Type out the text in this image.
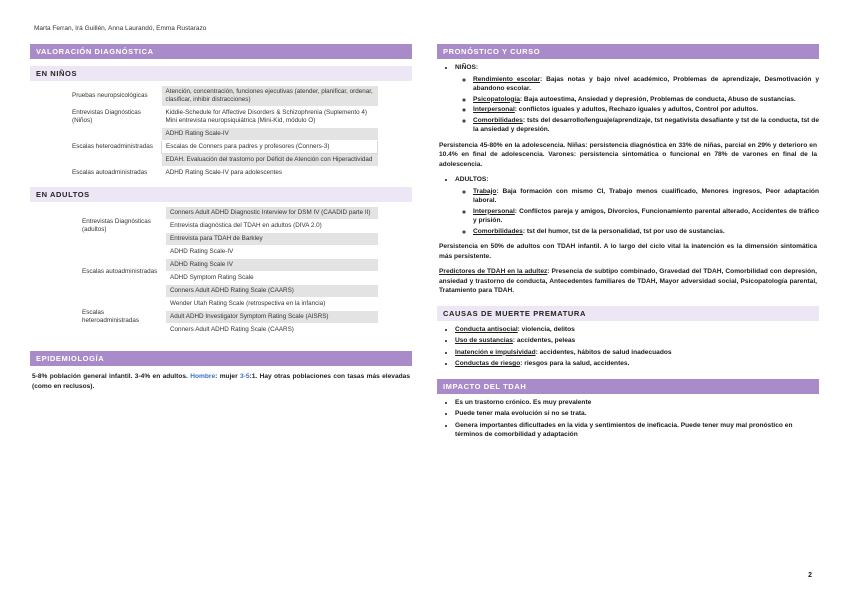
Marta Ferran, Irá Guillén, Anna Laurandó, Emma Rustarazo
VALORACIÓN DIAGNÓSTICA
EN NIÑOS
Pruebas neuropsicológicas	Atención, concentración, funciones ejecutivas (atender, planificar, ordenar, clasificar, inhibir distracciones)
Entrevistas Diagnósticas (Niños)	Kiddie-Schedule for Affective Disorders & Schizophrenia (Suplemento 4)
Mini entrevista neuropsiquiátrica (Mini-Kid, módulo O)

Escalas heteroadministradas	ADHD Rating Scale-IV
	Escalas de Conners para padres y profesores (Conners-3)
	EDAH. Evaluación del trastorno por Déficit de Atención con Hiperactividad
Escalas autoadministradas	ADHD Rating Scale-IV para adolescentes
EN ADULTOS
Entrevistas Diagnósticas (adultos)	Conners Adult ADHD Diagnostic Interview for DSM IV (CAADID parte II)
	Entrevista diagnóstica del TDAH en adultos (DIVA 2.0)
	Entrevista para TDAH de Barkley
Escalas autoadministradas	ADHD Rating Scale-IV
	ADHD Rating Scale IV
	ADHD Symptom Rating Scale
	Conners Adult ADHD Rating Scale (CAARS)
Escalas heteroadministradas	Wender Utah Rating Scale (retrospectiva en la infancia)
	Adult ADHD Investigator Symptom Rating Scale (AISRS)
	Conners Adult ADHD Rating Scale (CAARS)
EPIDEMIOLOGÍA

5-8% población general infantil. 3-4% en adultos. Hombre: mujer 3-5:1. Hay otras poblaciones con tasas más elevadas (como en reclusos).

PRONÓSTICO Y CURSO
• NIÑOS:
◦ Rendimiento escolar: Bajas notas y bajo nivel académico, Problemas de aprendizaje, Desmotivación y abandono escolar.
◦ Psicopatología: Baja autoestima, Ansiedad y depresión, Problemas de conducta, Abuso de sustancias.
◦ Interpersonal: conflictos iguales y adultos, Rechazo iguales y adultos, Control por adultos.
◦ Comorbilidades: tsts del desarrollo/lenguaje/aprendizaje, tst negativista desafiante y tst de la conducta, tst de la ansiedad y depresión.

Persistencia 45-80% en la adolescencia. Niñas: persistencia diagnóstica en 33% de niñas, parcial en 29% y deterioro en 10.4% en final de adolescencia. Varones: persistencia sintomática o funcional en 78% de varones en final de la adolescencia.

• ADULTOS:
◦ Trabajo: Baja formación con mismo CI, Trabajo menos cualificado, Menores ingresos, Peor adaptación laboral.
◦ Interpersonal: Conflictos pareja y amigos, Divorcios, Funcionamiento parental alterado, Accidentes de tráfico y prisión.
◦ Comorbilidades: tst del humor, tst de la personalidad, tst por uso de sustancias.

Persistencia en 50% de adultos con TDAH infantil. A lo largo del ciclo vital la inatención es la dimensión sintomática más persistente.

Predictores de TDAH en la adultez: Presencia de subtipo combinado, Gravedad del TDAH, Comorbilidad con depresión, ansiedad y trastorno de conducta, Antecedentes familiares de TDAH, Mayor adversidad social, Psicopatología parental, Tratamiento para TDAH.

CAUSAS DE MUERTE PREMATURA
• Conducta antisocial: violencia, delitos
• Uso de sustancias: accidentes, peleas
• Inatención e impulsividad: accidentes, hábitos de salud inadecuados
• Conductas de riesgo: riesgos para la salud, accidentes.
IMPACTO DEL TDAH
• Es un trastorno crónico. Es muy prevalente
• Puede tener mala evolución si no se trata.
• Genera importantes dificultades en la vida y sentimientos de ineficacia. Puede tener muy mal pronóstico en términos de comorbilidad y adaptación
2
